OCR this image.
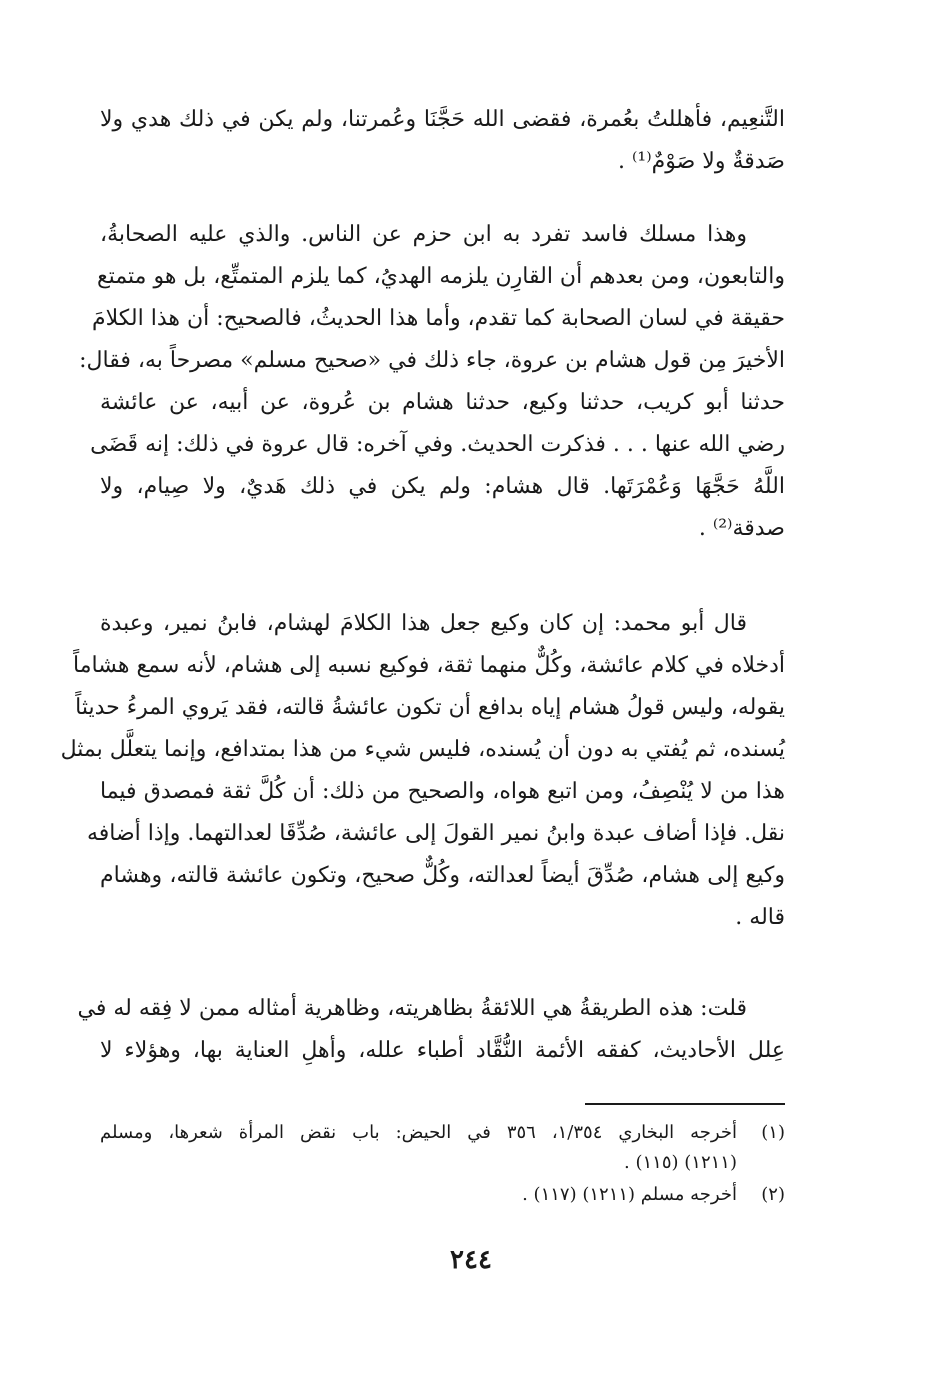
التَّنعِيم، فأهللتُ بعُمرة، فقضى الله حَجَّنَا وعُمرتنا، ولم يكن في ذلك هدي ولا
صَدقةٌ ولا صَوْمٌ⁽¹⁾ .
وهذا مسلك فاسد تفرد به ابن حزم عن الناس. والذي عليه الصحابةُ،
والتابعون، ومن بعدهم أن القارِن يلزمه الهديُ، كما يلزم المتمتِّع، بل هو متمتع
حقيقة في لسان الصحابة كما تقدم، وأما هذا الحديثُ، فالصحيح: أن هذا الكلامَ
الأخيرَ مِن قول هشام بن عروة، جاء ذلك في «صحيح مسلم» مصرحاً به، فقال:
حدثنا أبو كريب، حدثنا وكيع، حدثنا هشام بن عُروة، عن أبيه، عن عائشة
رضي الله عنها . . . فذكرت الحديث. وفي آخره: قال عروة في ذلك: إنه قَضَى
اللَّهُ حَجَّهَا وَعُمْرَتَها. قال هشام: ولم يكن في ذلك هَديٌ، ولا صِيام، ولا
صدقة⁽²⁾ .
قال أبو محمد: إن كان وكيع جعل هذا الكلامَ لهشام، فابنُ نمير، وعبدة
أدخلاه في كلام عائشة، وكُلٌّ منهما ثقة، فوكيع نسبه إلى هشام، لأنه سمع هشاماً
يقوله، وليس قولُ هشام إياه بدافع أن تكون عائشةُ قالته، فقد يَروي المرءُ حديثاً
يُسنده، ثم يُفتي به دون أن يُسنده، فليس شيء من هذا بمتدافع، وإنما يتعلَّل بمثل
هذا من لا يُنْصِفُ، ومن اتبع هواه، والصحيح من ذلك: أن كُلَّ ثقة فمصدق فيما
نقل. فإذا أضاف عبدة وابنُ نمير القولَ إلى عائشة، صُدِّقَا لعدالتهما. وإذا أضافه
وكيع إلى هشام، صُدِّقَ أيضاً لعدالته، وكُلٌّ صحيح، وتكون عائشة قالته، وهشام
قاله .
قلت: هذه الطريقةُ هي اللائقةُ بظاهريته، وظاهرية أمثاله ممن لا فِقه له في
عِلل الأحاديث، كفقه الأئمة النُّقَّاد أطباء علله، وأهلِ العناية بها، وهؤلاء لا
(١)
أخرجه البخاري ١/٣٥٤، ٣٥٦ في الحيض: باب نقض المرأة شعرها، ومسلم
(١٢١١) (١١٥) .
(٢)
أخرجه مسلم (١٢١١) (١١٧) .
٢٤٤
